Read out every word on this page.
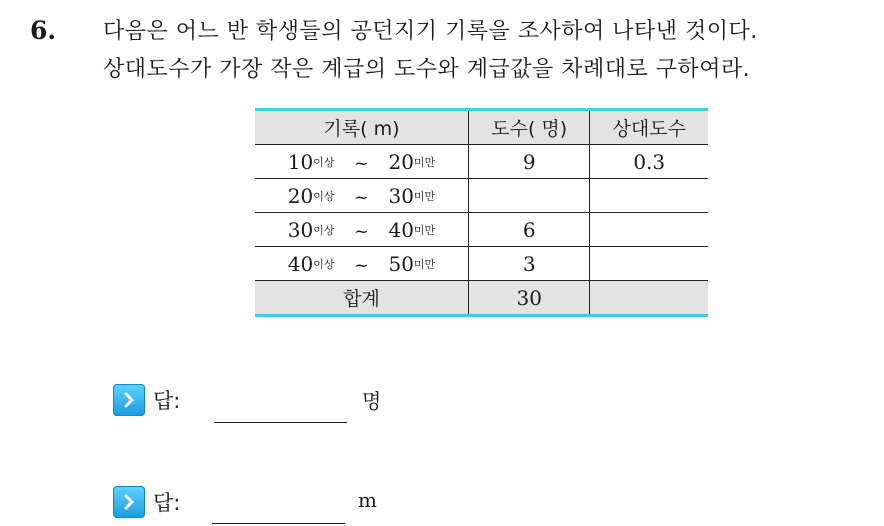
6. 다음은 어느 반 학생들의 공던지기 기록을 조사하여 나타낸 것이다.
상대도수가 가장 작은 계급의 도수와 계급값을 차례대로 구하여라.
기록( m)	도수( 명)	상대도수

$10^{이상}$ ~ $20^{미만}$	9	0.3

$20^{이상}$ ~ $30^{미만}$

$30^{이상}$ ~ $40^{미만}$	6	

$40^{이상}$ ~ $50^{미만}$	3	
합계	30	
답:	명
답:	m
